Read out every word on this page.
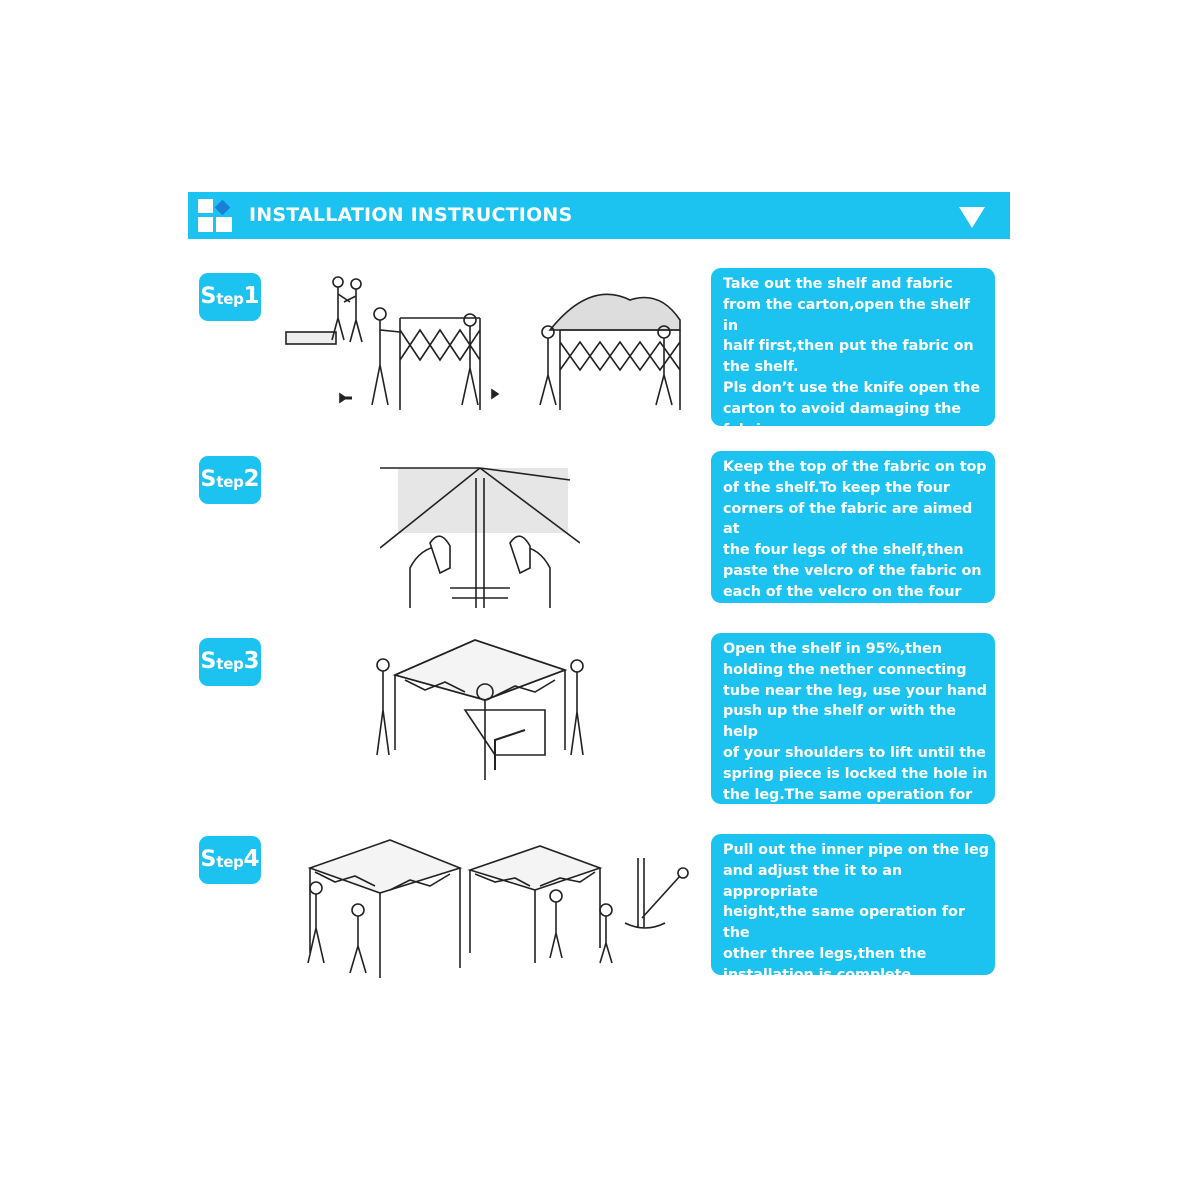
INSTALLATION INSTRUCTIONS
S tep 1	Take out the shelf and fabric
from the carton,open the shelf in
half first,then put the fabric on
the shelf.
Pls don’t use the knife open the
carton to avoid damaging the
fabric.
S tep 2	Keep the top of the fabric on top
of the shelf.To keep the four
corners of the fabric are aimed at
the four legs of the shelf,then
paste the velcro of the fabric on
each of the velcro on the four
legs.
S tep 3	Open the shelf in 95%,then
holding the nether connecting
tube near the leg, use your hand
push up the shelf or with the help
of your shoulders to lift until the
spring piece is locked the hole in
the leg.The same operation for
the other three legs.
S tep 4	Pull out the inner pipe on the leg
and adjust the it to an appropriate
height,the same operation for the
other three legs,then the
installation is complete.
